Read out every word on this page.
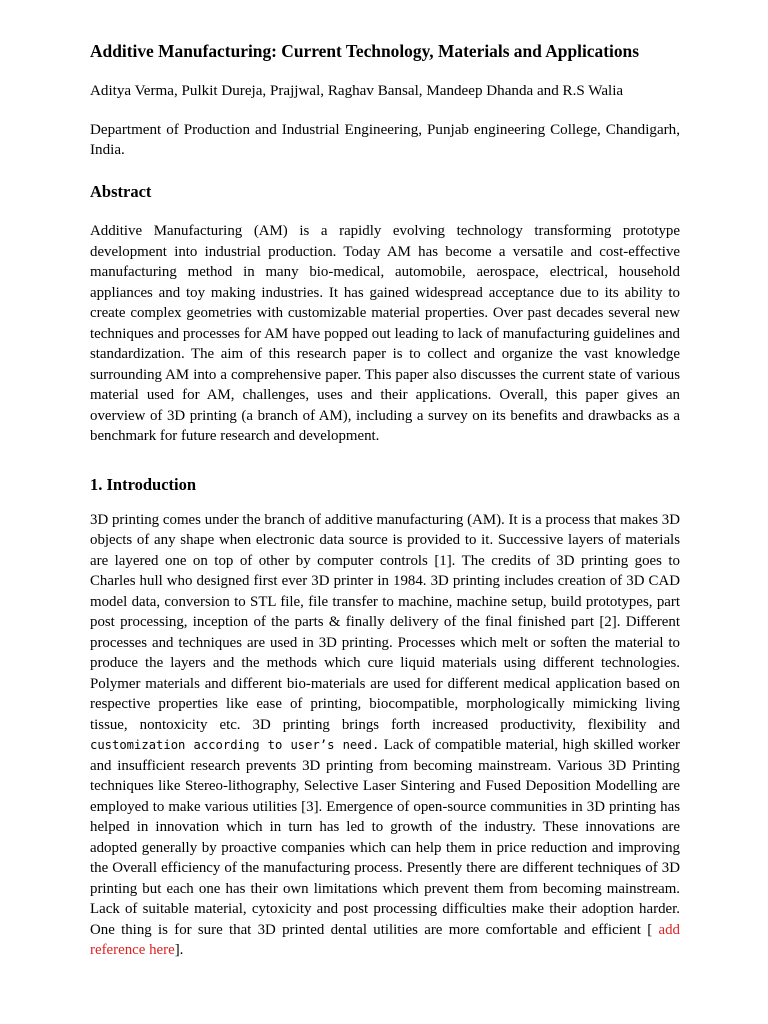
Additive Manufacturing: Current Technology, Materials and Applications

Aditya Verma, Pulkit Dureja, Prajjwal, Raghav Bansal, Mandeep Dhanda and R.S Walia

Department of Production and Industrial Engineering, Punjab engineering College, Chandigarh, India.

Abstract

Additive Manufacturing (AM) is a rapidly evolving technology transforming prototype development into industrial production. Today AM has become a versatile and cost-effective manufacturing method in many bio-medical, automobile, aerospace, electrical, household appliances and toy making industries. It has gained widespread acceptance due to its ability to create complex geometries with customizable material properties. Over past decades several new techniques and processes for AM have popped out leading to lack of manufacturing guidelines and standardization. The aim of this research paper is to collect and organize the vast knowledge surrounding AM into a comprehensive paper. This paper also discusses the current state of various material used for AM, challenges, uses and their applications. Overall, this paper gives an overview of 3D printing (a branch of AM), including a survey on its benefits and drawbacks as a benchmark for future research and development.

1. Introduction

3D printing comes under the branch of additive manufacturing (AM). It is a process that makes 3D objects of any shape when electronic data source is provided to it. Successive layers of materials are layered one on top of other by computer controls [1]. The credits of 3D printing goes to Charles hull who designed first ever 3D printer in 1984. 3D printing includes creation of 3D CAD model data, conversion to STL file, file transfer to machine, machine setup, build prototypes, part post processing, inception of the parts & finally delivery of the final finished part [2]. Different processes and techniques are used in 3D printing. Processes which melt or soften the material to produce the layers and the methods which cure liquid materials using different technologies. Polymer materials and different bio-materials are used for different medical application based on respective properties like ease of printing, biocompatible, morphologically mimicking living tissue, nontoxicity etc. 3D printing brings forth increased productivity, flexibility and customization according to user’s need. Lack of compatible material, high skilled worker and insufficient research prevents 3D printing from becoming mainstream. Various 3D Printing techniques like Stereo-lithography, Selective Laser Sintering and Fused Deposition Modelling are employed to make various utilities [3]. Emergence of open-source communities in 3D printing has helped in innovation which in turn has led to growth of the industry. These innovations are adopted generally by proactive companies which can help them in price reduction and improving the Overall efficiency of the manufacturing process. Presently there are different techniques of 3D printing but each one has their own limitations which prevent them from becoming mainstream. Lack of suitable material, cytoxicity and post processing difficulties make their adoption harder. One thing is for sure that 3D printed dental utilities are more comfortable and efficient [ add reference here].
